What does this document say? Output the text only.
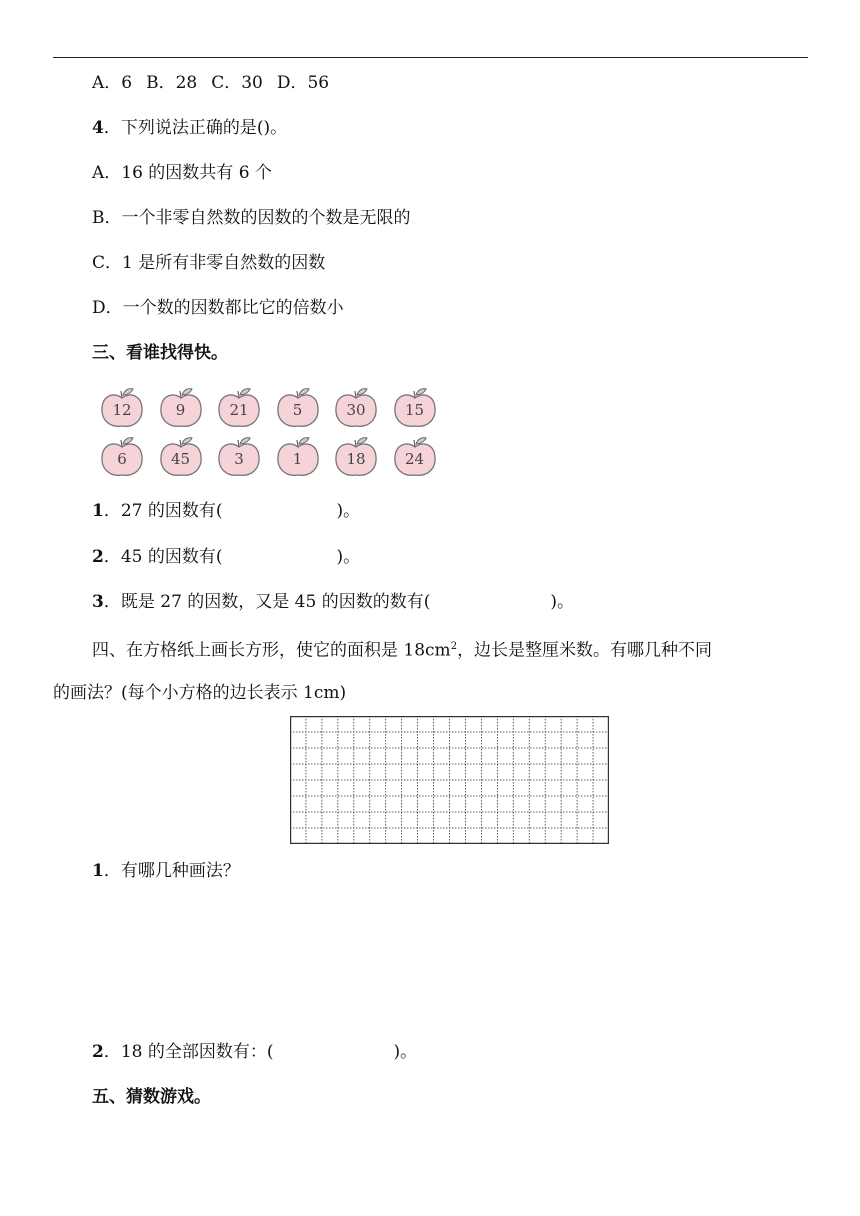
A．6 B．28 C．30 D．56
4．下列说法正确的是()。
A．16 的因数共有 6 个
B．一个非零自然数的因数的个数是无限的
C．1 是所有非零自然数的因数
D．一个数的因数都比它的倍数小
三、看谁找得快。
12	9	21	5	30	15
6	45	3	1	18	24
1．27 的因数有(	)。
2．45 的因数有(	)。
3．既是 27 的因数，又是 45 的因数的数有(	)。
四、在方格纸上画长方形，使它的面积是 $18cm^2$，边长是整厘米数。有哪几种不同
的画法？(每个小方格的边长表示 1cm)
1．有哪几种画法？
2．18 的全部因数有：(	)。
五、猜数游戏。
